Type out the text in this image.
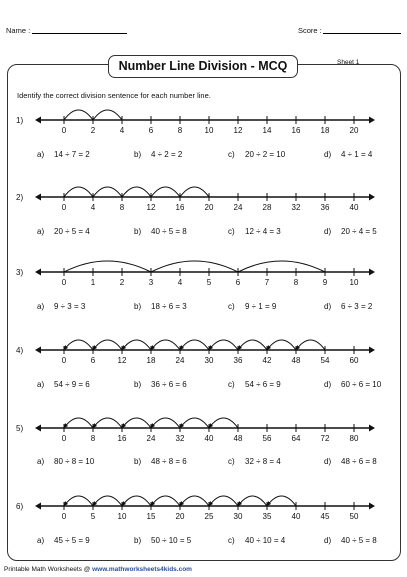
Name :	Score :
Number Line Division - MCQ	Sheet 1
Identify the correct division sentence for each number line.
1)
0	2	4	6	8	10	12	14	16	18	20
a) 14 ÷ 7 = 2	b) 4 ÷ 2 = 2	c) 20 ÷ 2 = 10	d) 4 ÷ 1 = 4
2)
0	4	8	12	16	20	24	28	32	36	40
a) 20 ÷ 5 = 4	b) 40 ÷ 5 = 8	c) 12 ÷ 4 = 3	d) 20 ÷ 4 = 5
3)
0	1	2	3	4	5	6	7	8	9	10
a) 9 ÷ 3 = 3	b) 18 ÷ 6 = 3	c) 9 ÷ 1 = 9	d) 6 ÷ 3 = 2
4)
0	6	12	18	24	30	36	42	48	54	60
a) 54 ÷ 9 = 6	b) 36 ÷ 6 = 6	c) 54 ÷ 6 = 9	d) 60 ÷ 6 = 10
5)
0	8	16	24	32	40	48	56	64	72	80
a) 80 ÷ 8 = 10	b) 48 ÷ 8 = 6	c) 32 ÷ 8 = 4	d) 48 ÷ 6 = 8
6)
0	5	10	15	20	25	30	35	40	45	50
a) 45 ÷ 5 = 9	b) 50 ÷ 10 = 5	c) 40 ÷ 10 = 4	d) 40 ÷ 5 = 8
Printable Math Worksheets @ www.mathworksheets4kids.com
